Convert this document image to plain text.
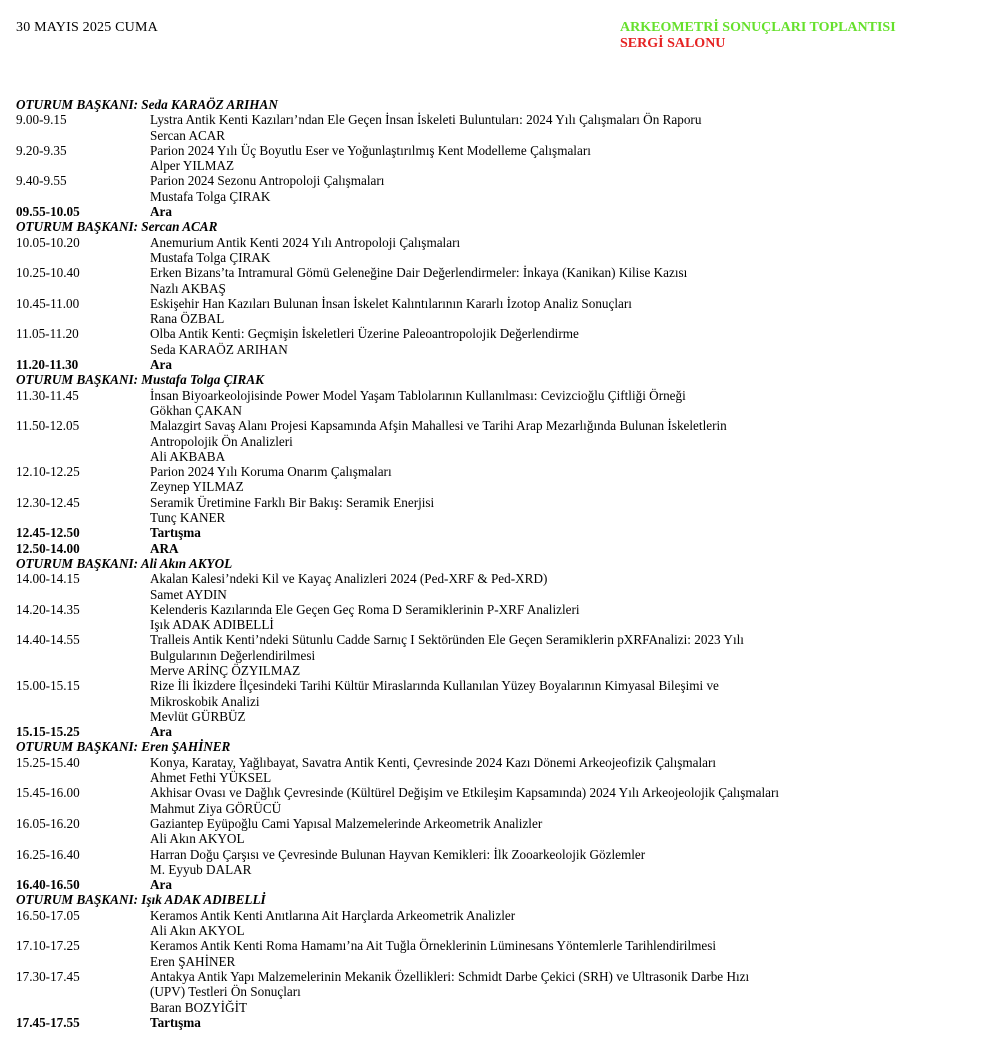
30 MAYIS 2025 CUMA	ARKEOMETRİ SONUÇLARI TOPLANTISI
SERGİ SALONU
OTURUM BAŞKANI: Seda KARAÖZ ARIHAN
9.00-9.15	Lystra Antik Kenti Kazıları’ndan Ele Geçen İnsan İskeleti Buluntuları: 2024 Yılı Çalışmaları Ön Raporu
Sercan ACAR
9.20-9.35	Parion 2024 Yılı Üç Boyutlu Eser ve Yoğunlaştırılmış Kent Modelleme Çalışmaları
Alper YILMAZ
9.40-9.55	Parion 2024 Sezonu Antropoloji Çalışmaları
Mustafa Tolga ÇIRAK
09.55-10.05	Ara
OTURUM BAŞKANI: Sercan ACAR
10.05-10.20	Anemurium Antik Kenti 2024 Yılı Antropoloji Çalışmaları
Mustafa Tolga ÇIRAK
10.25-10.40	Erken Bizans’ta Intramural Gömü Geleneğine Dair Değerlendirmeler: İnkaya (Kanikan) Kilise Kazısı
Nazlı AKBAŞ
10.45-11.00	Eskişehir Han Kazıları Bulunan İnsan İskelet Kalıntılarının Kararlı İzotop Analiz Sonuçları
Rana ÖZBAL
11.05-11.20	Olba Antik Kenti: Geçmişin İskeletleri Üzerine Paleoantropolojik Değerlendirme
Seda KARAÖZ ARIHAN
11.20-11.30	Ara
OTURUM BAŞKANI: Mustafa Tolga ÇIRAK
11.30-11.45	İnsan Biyoarkeolojisinde Power Model Yaşam Tablolarının Kullanılması: Cevizcioğlu Çiftliği Örneği
Gökhan ÇAKAN
11.50-12.05	Malazgirt Savaş Alanı Projesi Kapsamında Afşin Mahallesi ve Tarihi Arap Mezarlığında Bulunan İskeletlerin
Antropolojik Ön Analizleri
Ali AKBABA
12.10-12.25	Parion 2024 Yılı Koruma Onarım Çalışmaları
Zeynep YILMAZ
12.30-12.45	Seramik Üretimine Farklı Bir Bakış: Seramik Enerjisi
Tunç KANER
12.45-12.50	Tartışma
12.50-14.00	ARA
OTURUM BAŞKANI: Ali Akın AKYOL
14.00-14.15	Akalan Kalesi’ndeki Kil ve Kayaç Analizleri 2024 (Ped-XRF & Ped-XRD)
Samet AYDIN
14.20-14.35	Kelenderis Kazılarında Ele Geçen Geç Roma D Seramiklerinin P-XRF Analizleri
Işık ADAK ADIBELLİ
14.40-14.55	Tralleis Antik Kenti’ndeki Sütunlu Cadde Sarnıç I Sektöründen Ele Geçen Seramiklerin pXRFAnalizi: 2023 Yılı
Bulgularının Değerlendirilmesi
Merve ARİNÇ ÖZYILMAZ
15.00-15.15	Rize İli İkizdere İlçesindeki Tarihi Kültür Miraslarında Kullanılan Yüzey Boyalarının Kimyasal Bileşimi ve
Mikroskobik Analizi
Mevlüt GÜRBÜZ
15.15-15.25	Ara
OTURUM BAŞKANI: Eren ŞAHİNER
15.25-15.40	Konya, Karatay, Yağlıbayat, Savatra Antik Kenti, Çevresinde 2024 Kazı Dönemi Arkeojeofizik Çalışmaları
Ahmet Fethi YÜKSEL
15.45-16.00	Akhisar Ovası ve Dağlık Çevresinde (Kültürel Değişim ve Etkileşim Kapsamında) 2024 Yılı Arkeojeolojik Çalışmaları
Mahmut Ziya GÖRÜCÜ
16.05-16.20	Gaziantep Eyüpoğlu Cami Yapısal Malzemelerinde Arkeometrik Analizler
Ali Akın AKYOL
16.25-16.40	Harran Doğu Çarşısı ve Çevresinde Bulunan Hayvan Kemikleri: İlk Zooarkeolojik Gözlemler
M. Eyyub DALAR
16.40-16.50	Ara
OTURUM BAŞKANI: Işık ADAK ADIBELLİ
16.50-17.05	Keramos Antik Kenti Anıtlarına Ait Harçlarda Arkeometrik Analizler
Ali Akın AKYOL
17.10-17.25	Keramos Antik Kenti Roma Hamamı’na Ait Tuğla Örneklerinin Lüminesans Yöntemlerle Tarihlendirilmesi
Eren ŞAHİNER
17.30-17.45	Antakya Antik Yapı Malzemelerinin Mekanik Özellikleri: Schmidt Darbe Çekici (SRH) ve Ultrasonik Darbe Hızı
(UPV) Testleri Ön Sonuçları
Baran BOZYİĞİT
17.45-17.55	Tartışma
